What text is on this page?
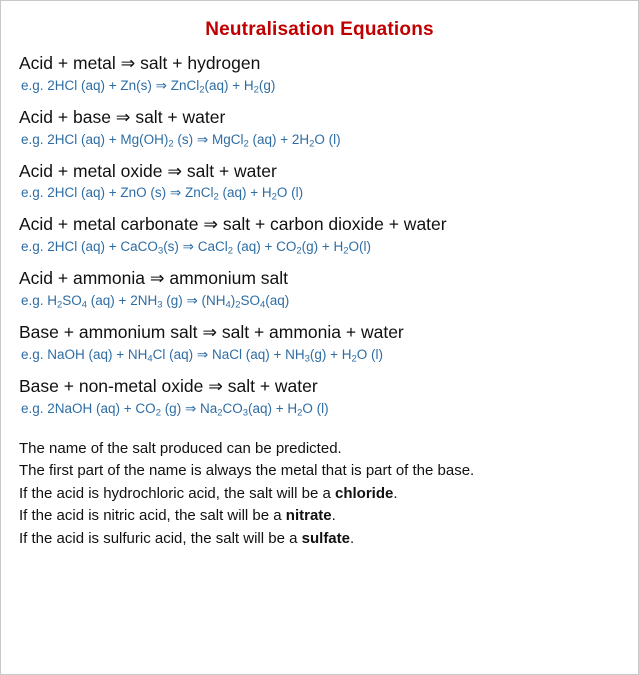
Neutralisation Equations
Acid + metal ⇒ salt + hydrogen
e.g. 2HCl (aq) + Zn(s) ⇒ ZnCl$_2$(aq) + $H_2(g)$
Acid + base ⇒ salt + water
e.g. 2HCl $(aq) + Mg(OH)_2$ (s) ⇒ MgCl$_2$ $(aq) + 2H_2O$ (l)
Acid + metal oxide ⇒ salt + water
e.g. 2HCl (aq) + ZnO (s) ⇒ ZnCl$_2$ $(aq) + H_2O$ (l)
Acid + metal carbonate ⇒ salt + carbon dioxide + water
e.g. 2HCl (aq) + CaCO$_3$(s) ⇒ CaCl$_2$ $(aq) + CO_2(g) + H_2O(l)$
Acid + ammonia ⇒ ammonium salt
e.g. $H_2SO_4$ $(aq) + 2NH_3$ (g) ⇒ $(NH_4)_2SO_4(aq)$
Base + ammonium salt ⇒ salt + ammonia + water
e.g. NaOH $(aq) + NH_4Cl$ (aq) ⇒ NaCl $(aq) + NH_3(g) + H_2O$ (l)
Base + non-metal oxide ⇒ salt + water
e.g. 2NaOH $(aq) + CO_2$ (g) ⇒ $Na_2CO_3(aq) + H_2O$ (l)
The name of the salt produced can be predicted.
The first part of the name is always the metal that is part of the base.
If the acid is hydrochloric acid, the salt will be a chloride.
If the acid is nitric acid, the salt will be a nitrate.
If the acid is sulfuric acid, the salt will be a sulfate.
